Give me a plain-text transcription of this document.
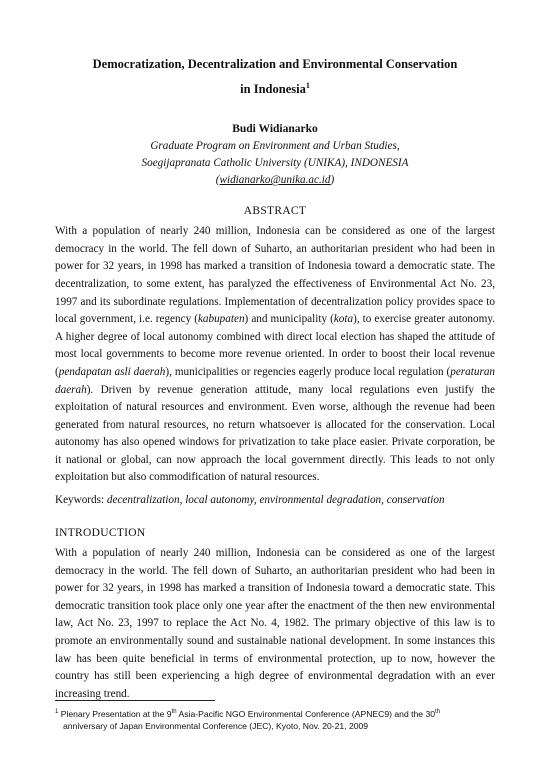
Democratization, Decentralization and Environmental Conservation
in Indonesia$^1$
Budi Widianarko
Graduate Program on Environment and Urban Studies,
Soegijapranata Catholic University (UNIKA), INDONESIA
(widianarko@unika.ac.id)
ABSTRACT

With a population of nearly 240 million, Indonesia can be considered as one of the largest democracy in the world. The fell down of Suharto, an authoritarian president who had been in power for 32 years, in 1998 has marked a transition of Indonesia toward a democratic state. The decentralization, to some extent, has paralyzed the effectiveness of Environmental Act No. 23, 1997 and its subordinate regulations. Implementation of decentralization policy provides space to local government, i.e. regency (kabupaten) and municipality (kota), to exercise greater autonomy. A higher degree of local autonomy combined with direct local election has shaped the attitude of most local governments to become more revenue oriented. In order to boost their local revenue (pendapatan asli daerah), municipalities or regencies eagerly produce local regulation (peraturan daerah). Driven by revenue generation attitude, many local regulations even justify the exploitation of natural resources and environment. Even worse, although the revenue had been generated from natural resources, no return whatsoever is allocated for the conservation. Local autonomy has also opened windows for privatization to take place easier. Private corporation, be it national or global, can now approach the local government directly. This leads to not only exploitation but also commodification of natural resources.

Keywords: decentralization, local autonomy, environmental degradation, conservation
INTRODUCTION

With a population of nearly 240 million, Indonesia can be considered as one of the largest democracy in the world. The fell down of Suharto, an authoritarian president who had been in power for 32 years, in 1998 has marked a transition of Indonesia toward a democratic state. This democratic transition took place only one year after the enactment of the then new environmental law, Act No. 23, 1997 to replace the Act No. 4, 1982. The primary objective of this law is to promote an environmentally sound and sustainable national development. In some instances this law has been quite beneficial in terms of environmental protection, up to now, however the country has still been experiencing a high degree of environmental degradation with an ever increasing trend.

$^1$ Plenary Presentation at the 9th Asia-Pacific NGO Environmental Conference (APNEC9) and the 30th
anniversary of Japan Environmental Conference (JEC), Kyoto, Nov. 20-21, 2009
